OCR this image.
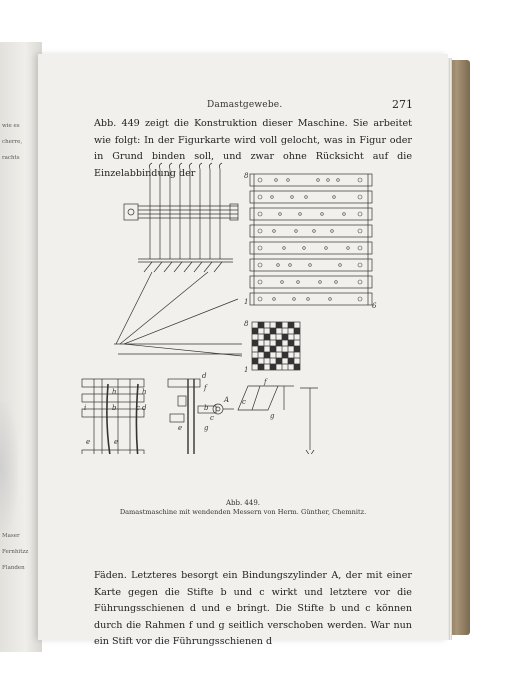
wie es
cherre,
rachts
Maser
Fernhitzz
Flanden
Damastgewebe.	271
Abb. 449 zeigt die Konstruktion dieser Maschine. Sie arbeitet wie folgt: In der Figurkarte wird voll gelocht, was in Figur oder in Grund binden soll, und zwar ohne Rücksicht auf die Einzelabbindung der
Abb. 449.
Damastmaschine mit wendenden Messern von Herm. Günther, Chemnitz.
Fäden. Letzteres besorgt ein Bindungszylinder A, der mit einer Karte gegen die Stifte b und c wirkt und letztere vor die Führungsschienen d und e bringt. Die Stifte b und c können durch die Rahmen f und g seitlich verschoben werden. War nun ein Stift vor die Führungsschienen d
8
1	6
8
1
h	h
b	c
i	d
e	e
d
f
A
b
c
e	g
f
c
g
